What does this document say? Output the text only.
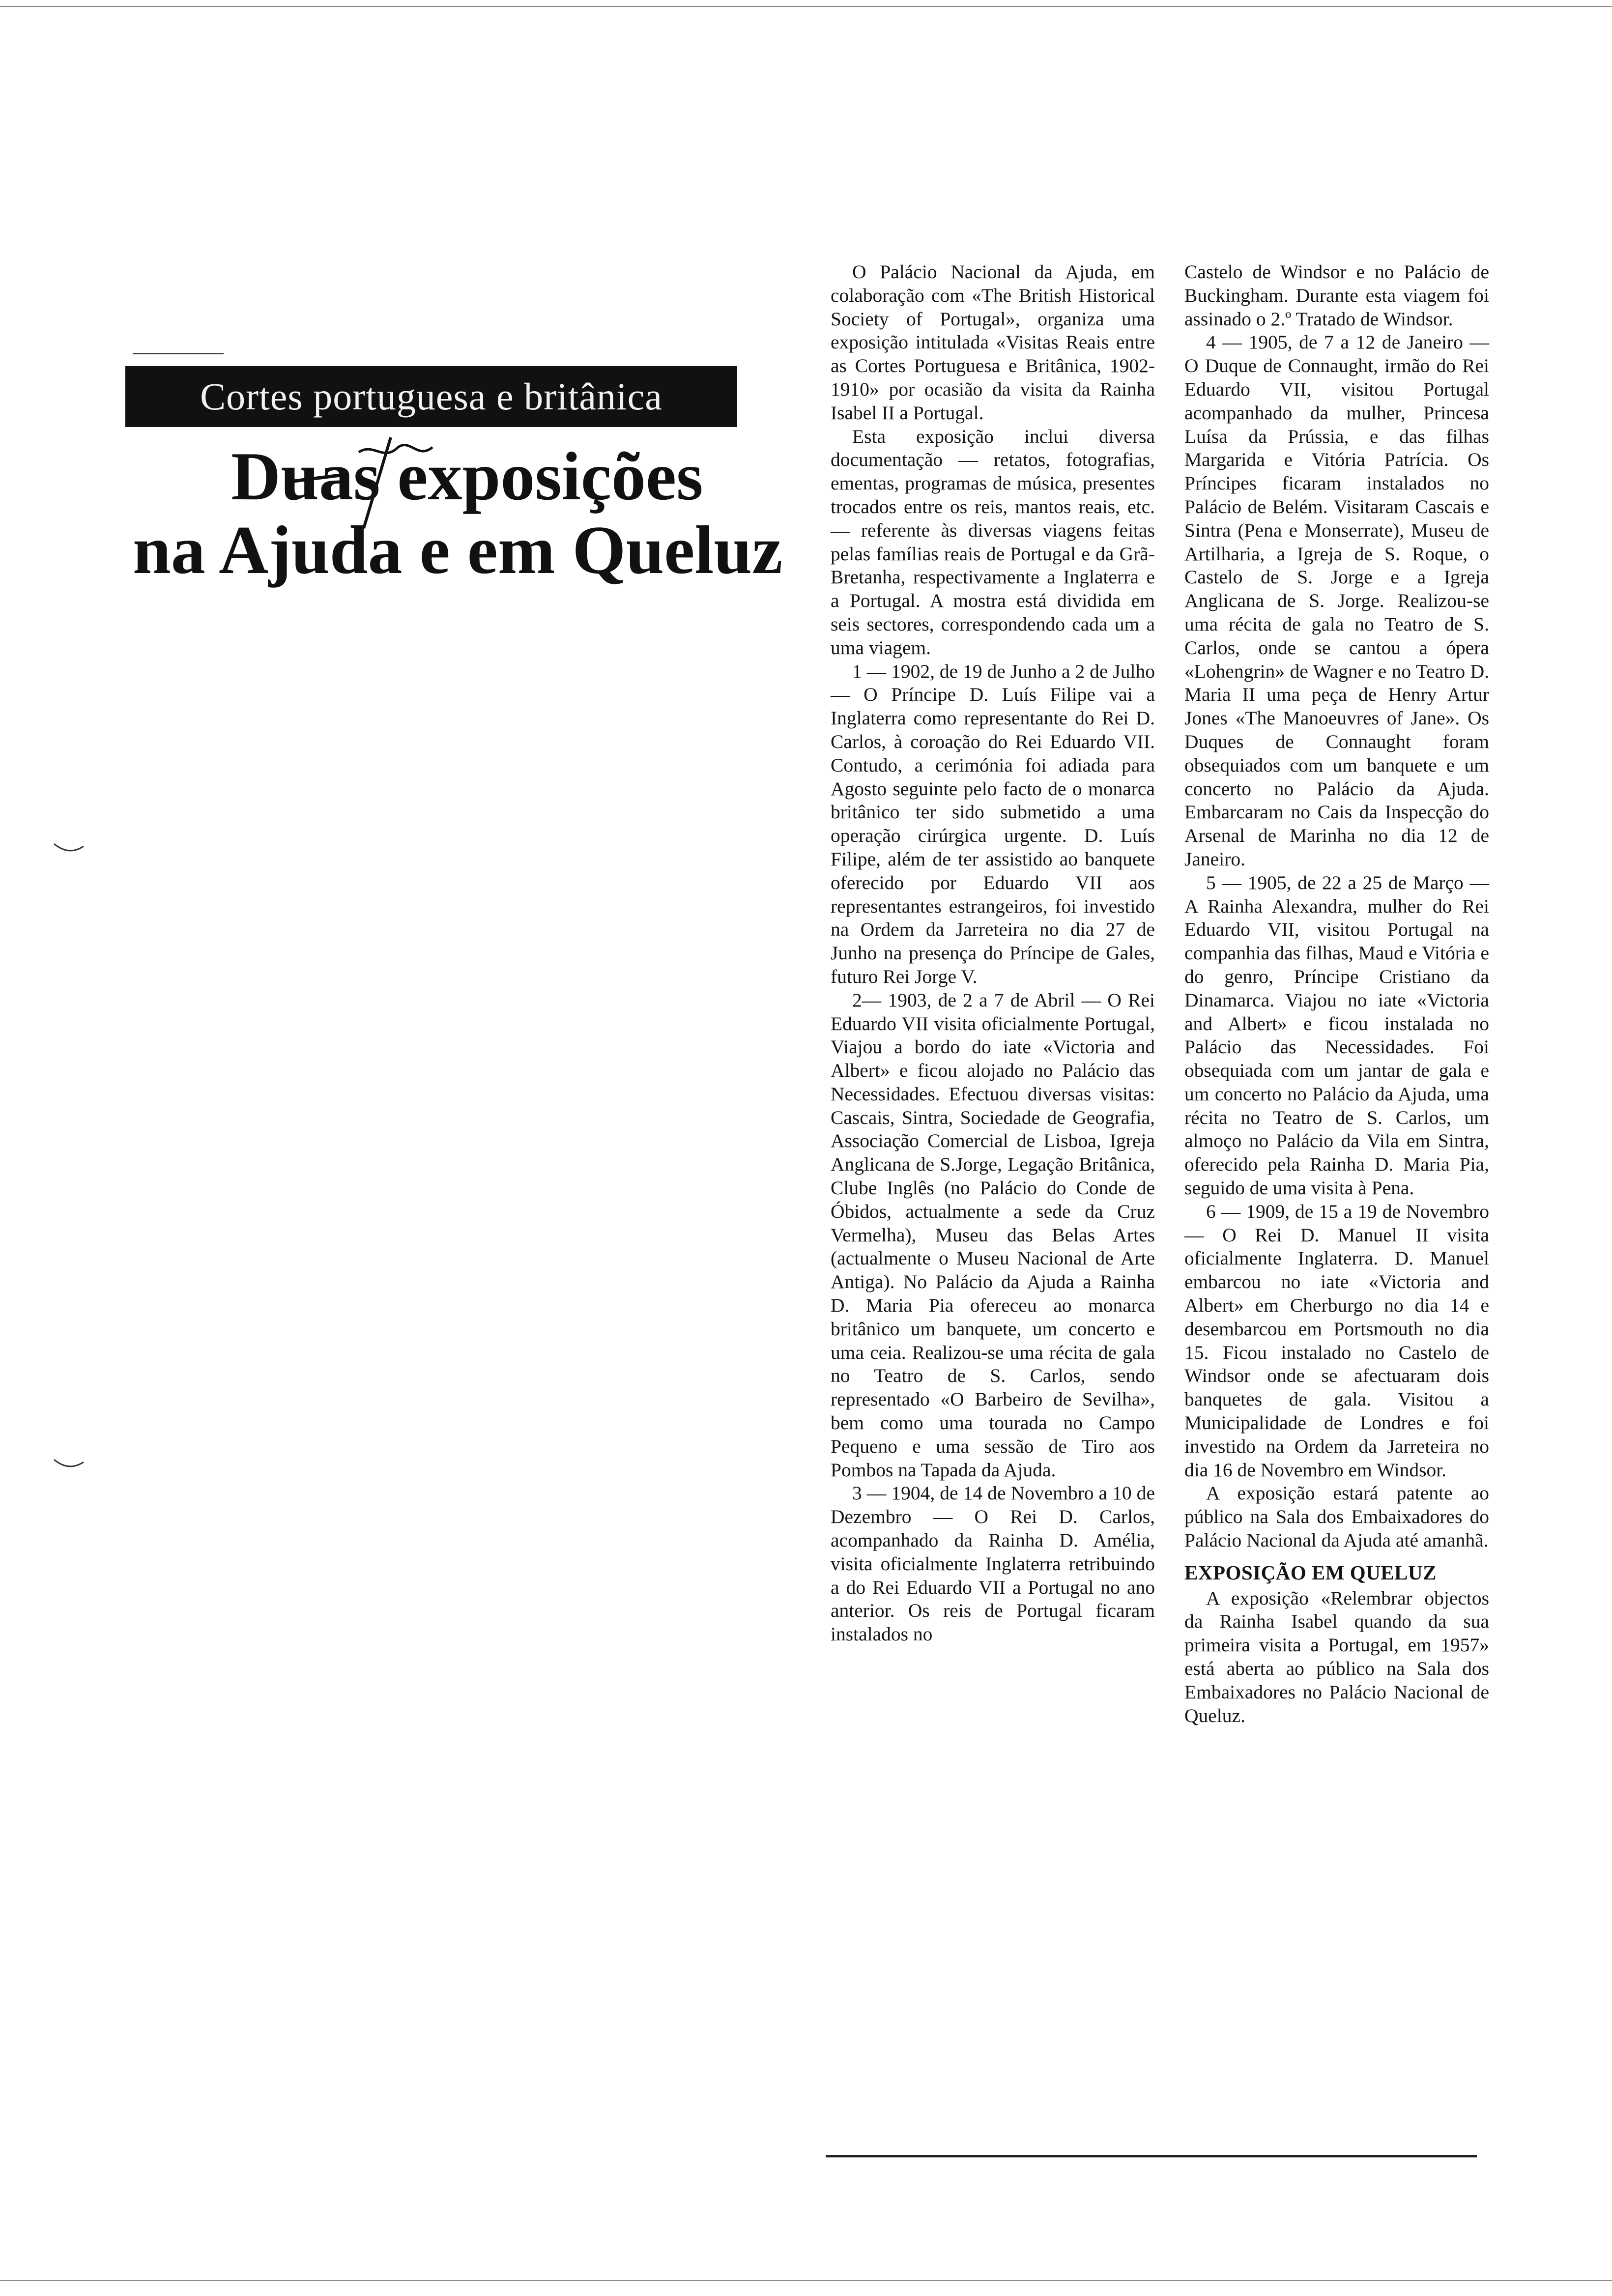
Cortes portuguesa e britânica
Duas exposições
na Ajuda e em Queluz

O Palácio Nacional da Ajuda, em colaboração com «The British Historical Society of Portugal», organiza uma exposição intitulada «Visitas Reais entre as Cortes Portuguesa e Britânica, 1902-1910» por ocasião da visita da Rainha Isabel II a Portugal.

Esta exposição inclui diversa documentação — retatos, fotografias, ementas, programas de música, presentes trocados entre os reis, mantos reais, etc. — referente às diversas viagens feitas pelas famílias reais de Portugal e da Grã-Bretanha, respectivamente a Inglaterra e a Portugal. A mostra está dividida em seis sectores, correspondendo cada um a uma viagem.

1 — 1902, de 19 de Junho a 2 de Julho — O Príncipe D. Luís Filipe vai a Inglaterra como representante do Rei D. Carlos, à coroação do Rei Eduardo VII. Contudo, a cerimónia foi adiada para Agosto seguinte pelo facto de o monarca britânico ter sido submetido a uma operação cirúrgica urgente. D. Luís Filipe, além de ter assistido ao banquete oferecido por Eduardo VII aos representantes estrangeiros, foi investido na Ordem da Jarreteira no dia 27 de Junho na presença do Príncipe de Gales, futuro Rei Jorge V.

2— 1903, de 2 a 7 de Abril — O Rei Eduardo VII visita oficialmente Portugal, Viajou a bordo do iate «Victoria and Albert» e ficou alojado no Palácio das Necessidades. Efectuou diversas visitas: Cascais, Sintra, Sociedade de Geografia, Associação Comercial de Lisboa, Igreja Anglicana de S.Jorge, Legação Britânica, Clube Inglês (no Palácio do Conde de Óbidos, actualmente a sede da Cruz Vermelha), Museu das Belas Artes (actualmente o Museu Nacional de Arte Antiga). No Palácio da Ajuda a Rainha D. Maria Pia ofereceu ao monarca britânico um banquete, um concerto e uma ceia. Realizou-se uma récita de gala no Teatro de S. Carlos, sendo representado «O Barbeiro de Sevilha», bem como uma tourada no Campo Pequeno e uma sessão de Tiro aos Pombos na Tapada da Ajuda.

3 — 1904, de 14 de Novembro a 10 de Dezembro — O Rei D. Carlos, acompanhado da Rainha D. Amélia, visita oficialmente Inglaterra retribuindo a do Rei Eduardo VII a Portugal no ano anterior. Os reis de Portugal ficaram instalados no

Castelo de Windsor e no Palácio de Buckingham. Durante esta viagem foi assinado o 2.º Tratado de Windsor.

4 — 1905, de 7 a 12 de Janeiro — O Duque de Connaught, irmão do Rei Eduardo VII, visitou Portugal acompanhado da mulher, Princesa Luísa da Prússia, e das filhas Margarida e Vitória Patrícia. Os Príncipes ficaram instalados no Palácio de Belém. Visitaram Cascais e Sintra (Pena e Monserrate), Museu de Artilharia, a Igreja de S. Roque, o Castelo de S. Jorge e a Igreja Anglicana de S. Jorge. Realizou-se uma récita de gala no Teatro de S. Carlos, onde se cantou a ópera «Lohengrin» de Wagner e no Teatro D. Maria II uma peça de Henry Artur Jones «The Manoeuvres of Jane». Os Duques de Connaught foram obsequiados com um banquete e um concerto no Palácio da Ajuda. Embarcaram no Cais da Inspecção do Arsenal de Marinha no dia 12 de Janeiro.

5 — 1905, de 22 a 25 de Março — A Rainha Alexandra, mulher do Rei Eduardo VII, visitou Portugal na companhia das filhas, Maud e Vitória e do genro, Príncipe Cristiano da Dinamarca. Viajou no iate «Victoria and Albert» e ficou instalada no Palácio das Necessidades. Foi obsequiada com um jantar de gala e um concerto no Palácio da Ajuda, uma récita no Teatro de S. Carlos, um almoço no Palácio da Vila em Sintra, oferecido pela Rainha D. Maria Pia, seguido de uma visita à Pena.

6 — 1909, de 15 a 19 de Novembro — O Rei D. Manuel II visita oficialmente Inglaterra. D. Manuel embarcou no iate «Victoria and Albert» em Cherburgo no dia 14 e desembarcou em Portsmouth no dia 15. Ficou instalado no Castelo de Windsor onde se afectuaram dois banquetes de gala. Visitou a Municipalidade de Londres e foi investido na Ordem da Jarreteira no dia 16 de Novembro em Windsor.

A exposição estará patente ao público na Sala dos Embaixadores do Palácio Nacional da Ajuda até amanhã.

EXPOSIÇÃO EM QUELUZ

A exposição «Relembrar objectos da Rainha Isabel quando da sua primeira visita a Portugal, em 1957» está aberta ao público na Sala dos Embaixadores no Palácio Nacional de Queluz.
